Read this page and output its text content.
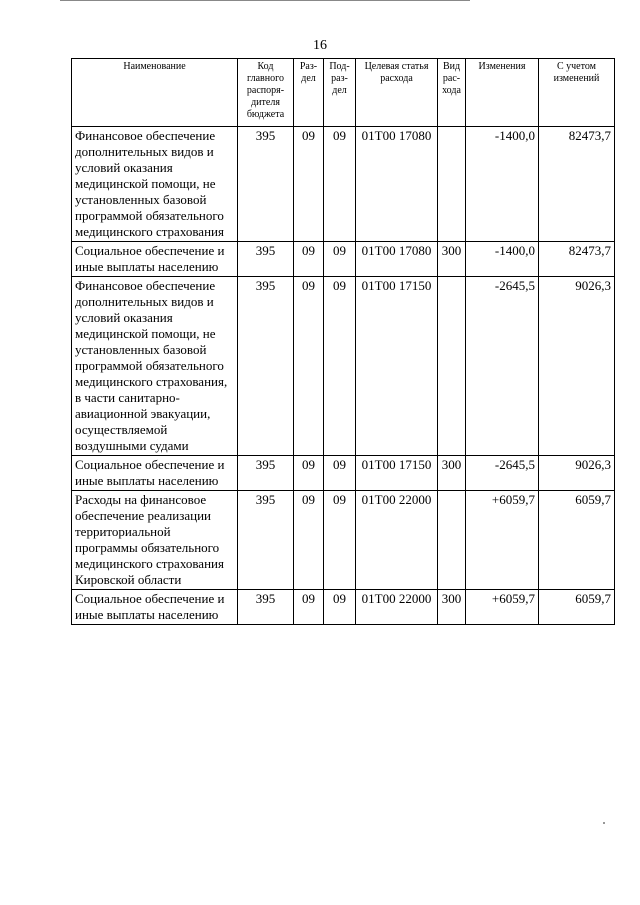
16
Наименование	Код главного распоря-дителя бюджета	Раз-дел	Под-раз-дел	Целевая статья расхода	Вид рас-хода	Изменения	С учетом изменений
Финансовое обеспечение дополнительных видов и условий оказания медицинской помощи, не установленных базовой программой обязательного медицинского страхования	395	09	09	01Т00 17080		-1400,0	82473,7
Социальное обеспечение и иные выплаты населению	395	09	09	01Т00 17080	300	-1400,0	82473,7
Финансовое обеспечение дополнительных видов и условий оказания медицинской помощи, не установленных базовой программой обязательного медицинского страхования, в части санитарно-авиационной эвакуации, осуществляемой воздушными судами	395	09	09	01Т00 17150		-2645,5	9026,3
Социальное обеспечение и иные выплаты населению	395	09	09	01Т00 17150	300	-2645,5	9026,3
Расходы на финансовое обеспечение реализации территориальной программы обязательного медицинского страхования Кировской области	395	09	09	01Т00 22000		+6059,7	6059,7
Социальное обеспечение и иные выплаты населению	395	09	09	01Т00 22000	300	+6059,7	6059,7
